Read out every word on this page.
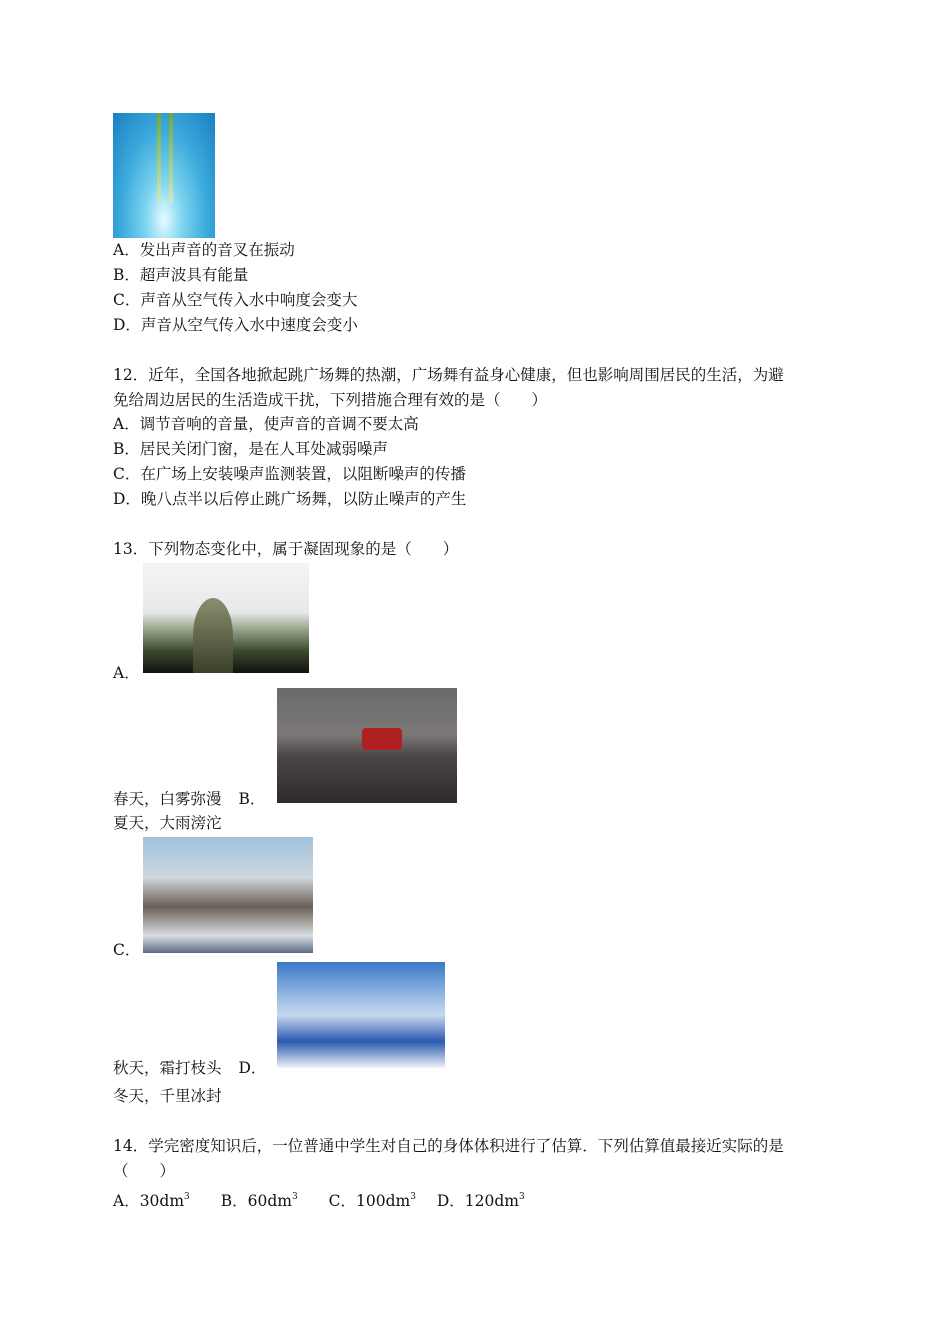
A．发出声音的音叉在振动
B．超声波具有能量
C．声音从空气传入水中响度会变大
D．声音从空气传入水中速度会变小
12．近年，全国各地掀起跳广场舞的热潮，广场舞有益身心健康，但也影响周围居民的生活，为避
免给周边居民的生活造成干扰，下列措施合理有效的是（　　）
A．调节音响的音量，使声音的音调不要太高
B．居民关闭门窗，是在人耳处减弱噪声
C．在广场上安装噪声监测装置，以阻断噪声的传播
D．晚八点半以后停止跳广场舞，以防止噪声的产生
13．下列物态变化中，属于凝固现象的是（　　）
A．
春天，白雾弥漫 B．
夏天，大雨滂沱
C．
秋天，霜打枝头 D．
冬天，千里冰封
14．学完密度知识后，一位普通中学生对自己的身体体积进行了估算．下列估算值最接近实际的是
（　　）
A．$30dm^3$ B．$60dm^3$ C．$100dm^3$ D．$120dm^3$
